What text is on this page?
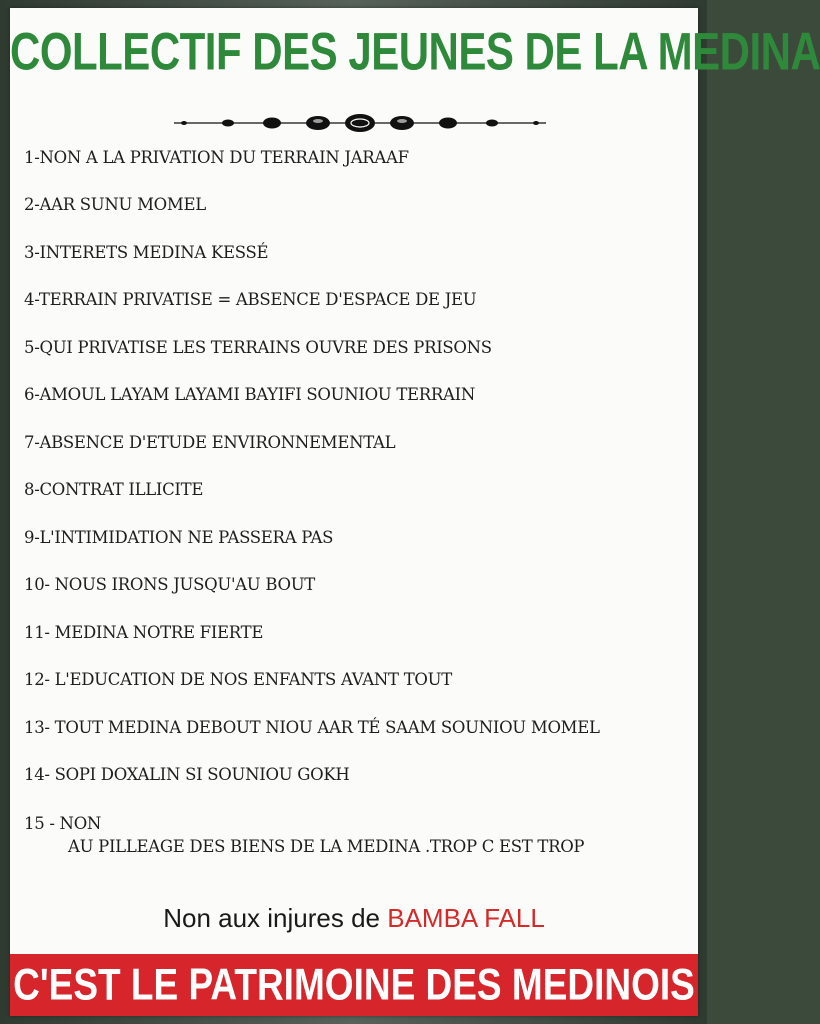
COLLECTIF DES JEUNES DE LA MEDINA
1-NON A LA PRIVATION DU TERRAIN JARAAF
2-AAR SUNU MOMEL
3-INTERETS MEDINA KESSÉ
4-TERRAIN PRIVATISE = ABSENCE D'ESPACE DE JEU
5-QUI PRIVATISE LES TERRAINS OUVRE DES PRISONS
6-AMOUL LAYAM LAYAMI BAYIFI SOUNIOU TERRAIN
7-ABSENCE D'ETUDE ENVIRONNEMENTAL
8-CONTRAT ILLICITE
9-L'INTIMIDATION NE PASSERA PAS
10- NOUS IRONS JUSQU'AU BOUT
11- MEDINA NOTRE FIERTE
12- L'EDUCATION DE NOS ENFANTS AVANT TOUT
13- TOUT MEDINA DEBOUT NIOU AAR TÉ SAAM SOUNIOU MOMEL
14- SOPI DOXALIN SI SOUNIOU GOKH
15 - NON
AU PILLEAGE DES BIENS DE LA MEDINA .TROP C EST TROP
Non aux injures de BAMBA FALL
C'EST LE PATRIMOINE DES MEDINOIS
